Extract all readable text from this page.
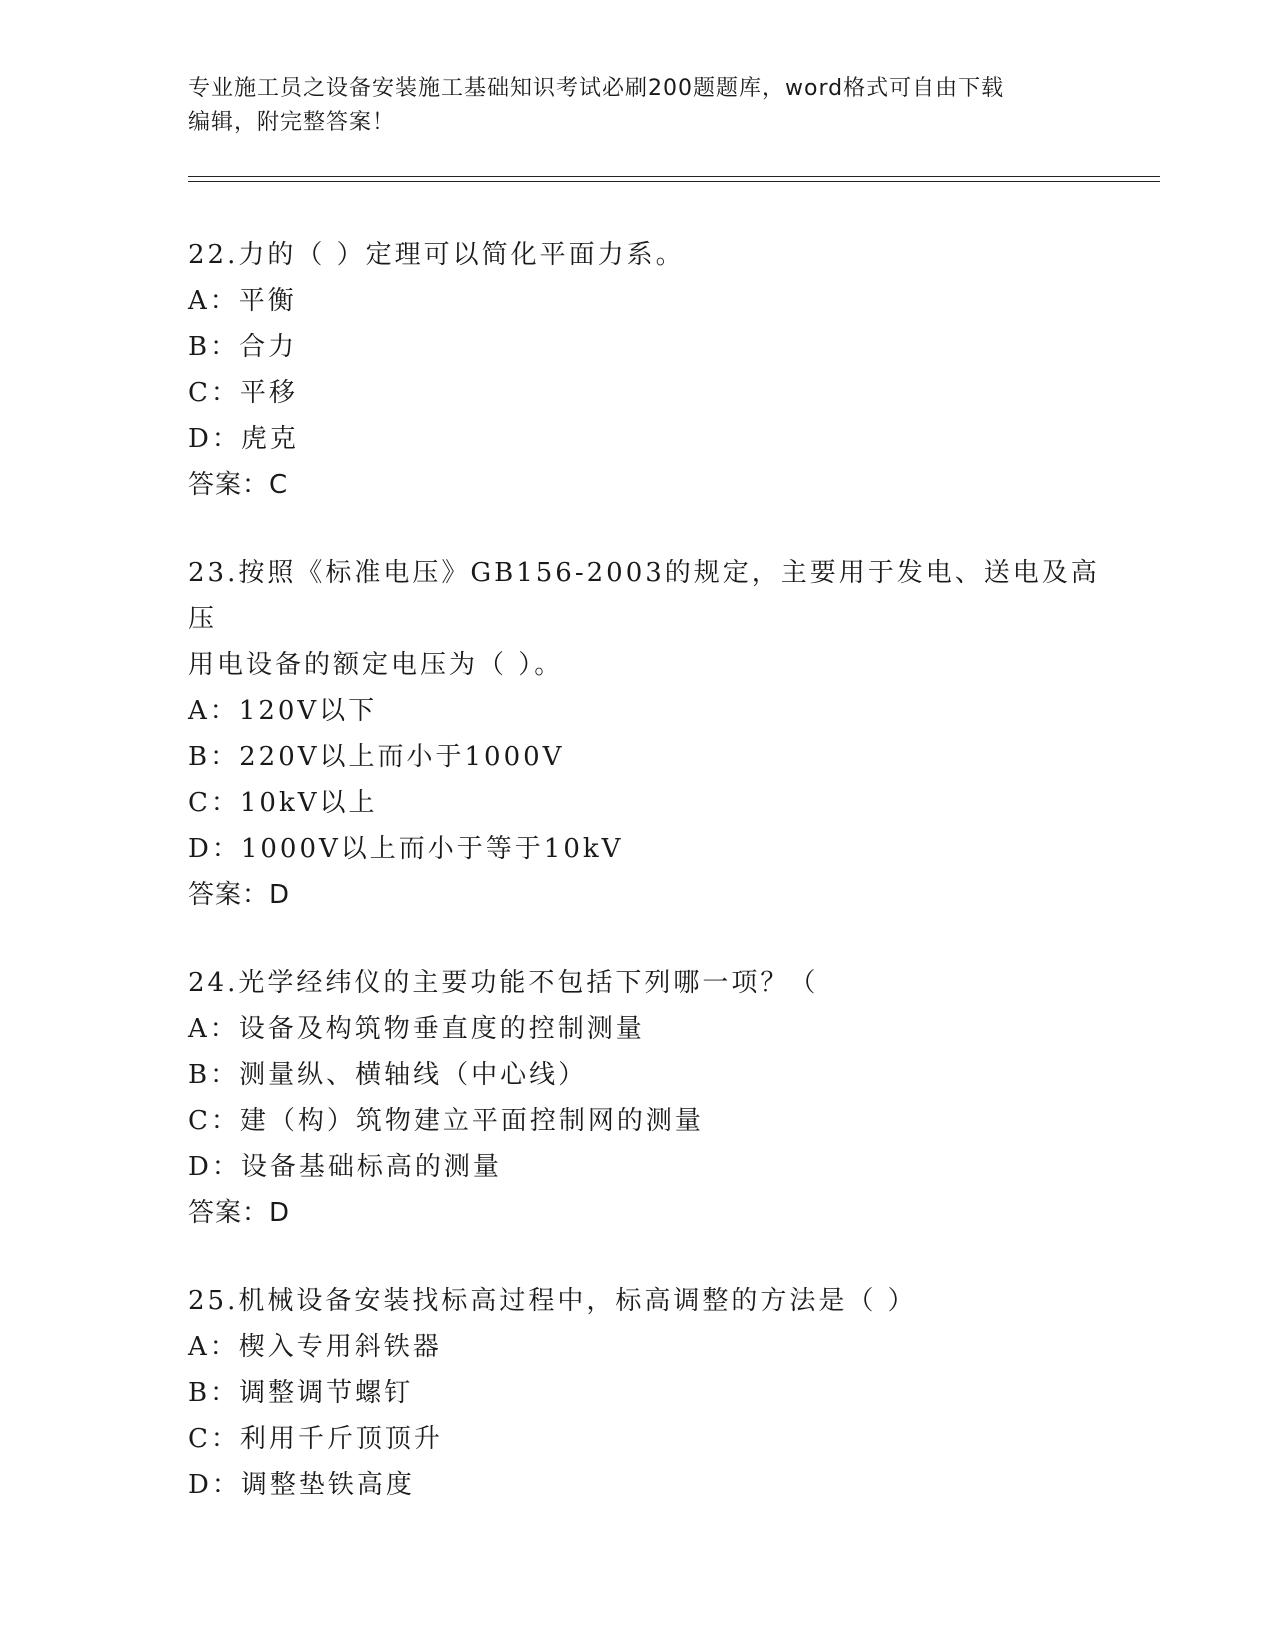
专业施工员之设备安装施工基础知识考试必刷200题题库，word格式可自由下载
编辑，附完整答案！
22.力的（ ）定理可以简化平面力系。
A：平衡
B：合力
C：平移
D：虎克
答案：C
23.按照《标准电压》GB156-2003的规定，主要用于发电、送电及高压
用电设备的额定电压为（ ）。
A：120V以下
B：220V以上而小于1000V
C：10kV以上
D：1000V以上而小于等于10kV
答案：D
24.光学经纬仪的主要功能不包括下列哪一项？（
A：设备及构筑物垂直度的控制测量
B：测量纵、横轴线（中心线）
C：建（构）筑物建立平面控制网的测量
D：设备基础标高的测量
答案：D
25.机械设备安装找标高过程中，标高调整的方法是（ ）
A：楔入专用斜铁器
B：调整调节螺钉
C：利用千斤顶顶升
D：调整垫铁高度
